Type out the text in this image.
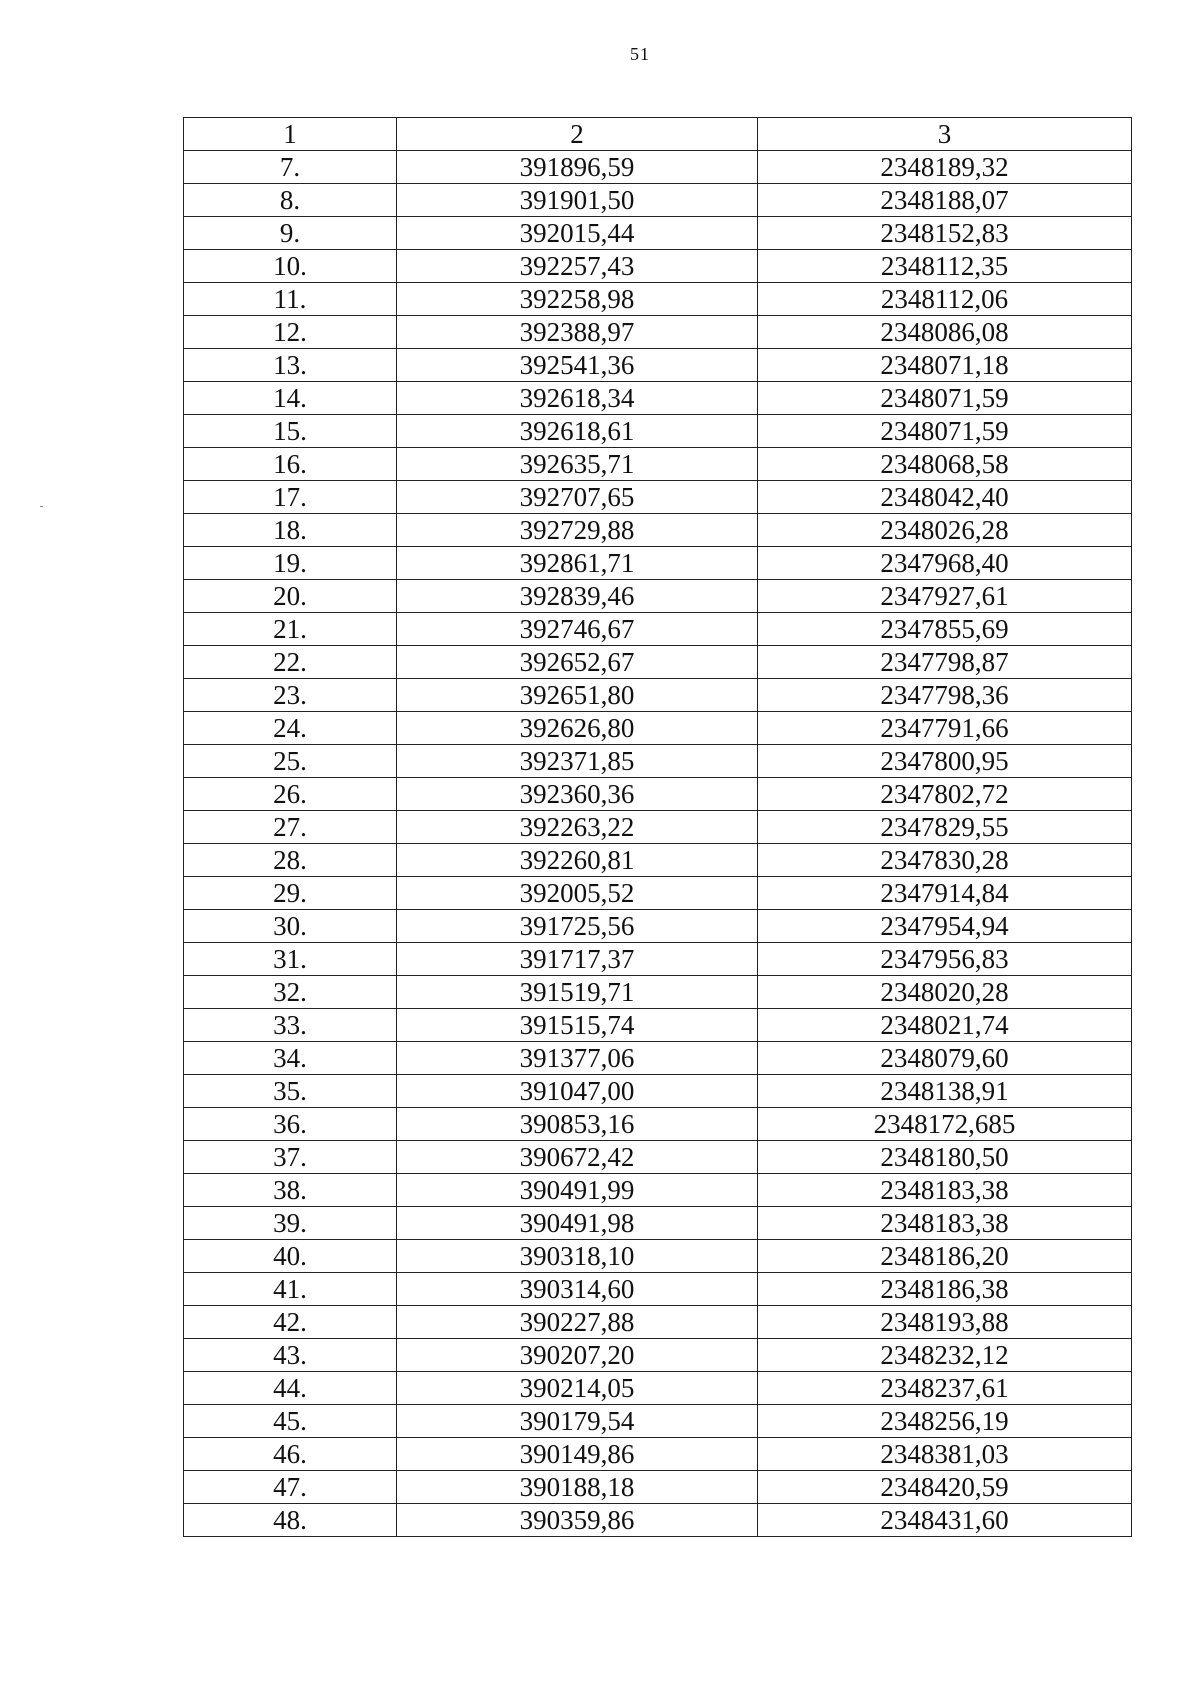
51
1	2	3
7.	391896,59	2348189,32
8.	391901,50	2348188,07
9.	392015,44	2348152,83
10.	392257,43	2348112,35
11.	392258,98	2348112,06
12.	392388,97	2348086,08
13.	392541,36	2348071,18
14.	392618,34	2348071,59
15.	392618,61	2348071,59
16.	392635,71	2348068,58
17.	392707,65	2348042,40
18.	392729,88	2348026,28
19.	392861,71	2347968,40
20.	392839,46	2347927,61
21.	392746,67	2347855,69
22.	392652,67	2347798,87
23.	392651,80	2347798,36
24.	392626,80	2347791,66
25.	392371,85	2347800,95
26.	392360,36	2347802,72
27.	392263,22	2347829,55
28.	392260,81	2347830,28
29.	392005,52	2347914,84
30.	391725,56	2347954,94
31.	391717,37	2347956,83
32.	391519,71	2348020,28
33.	391515,74	2348021,74
34.	391377,06	2348079,60
35.	391047,00	2348138,91
36.	390853,16	2348172,685
37.	390672,42	2348180,50
38.	390491,99	2348183,38
39.	390491,98	2348183,38
40.	390318,10	2348186,20
41.	390314,60	2348186,38
42.	390227,88	2348193,88
43.	390207,20	2348232,12
44.	390214,05	2348237,61
45.	390179,54	2348256,19
46.	390149,86	2348381,03
47.	390188,18	2348420,59
48.	390359,86	2348431,60
